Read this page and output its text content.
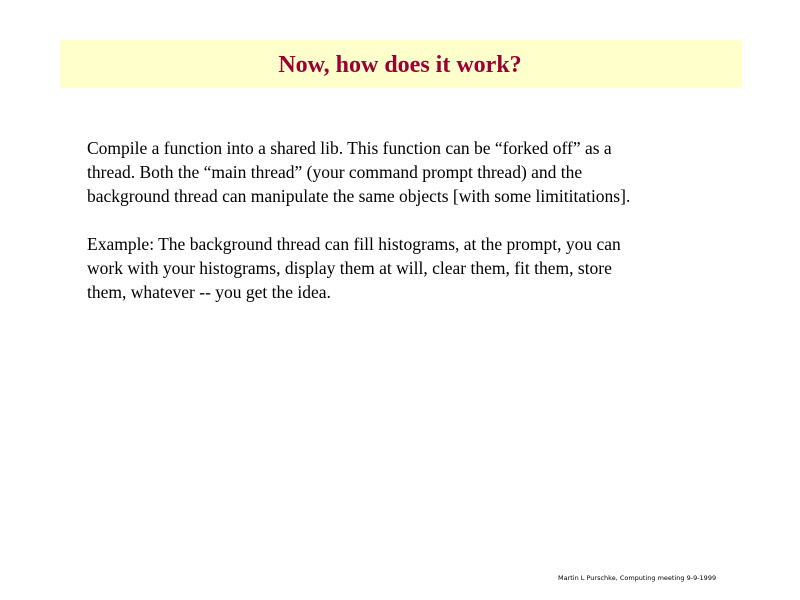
Now, how does it work?

Compile a function into a shared lib. This function can be “forked off” as a
thread. Both the “main thread” (your command prompt thread) and the
background thread can manipulate the same objects [with some limititations].

Example: The background thread can fill histograms, at the prompt, you can
work with your histograms, display them at will, clear them, fit them, store
them, whatever -- you get the idea.

Martin L Purschke, Computing meeting 9-9-1999
